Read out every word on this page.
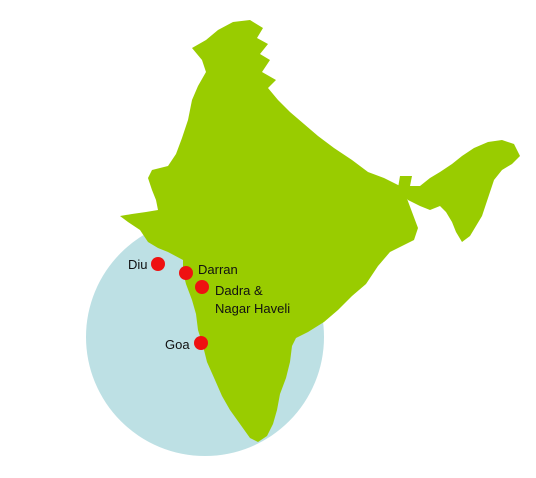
Diu	Darran
Dadra &
Nagar Haveli
Goa
